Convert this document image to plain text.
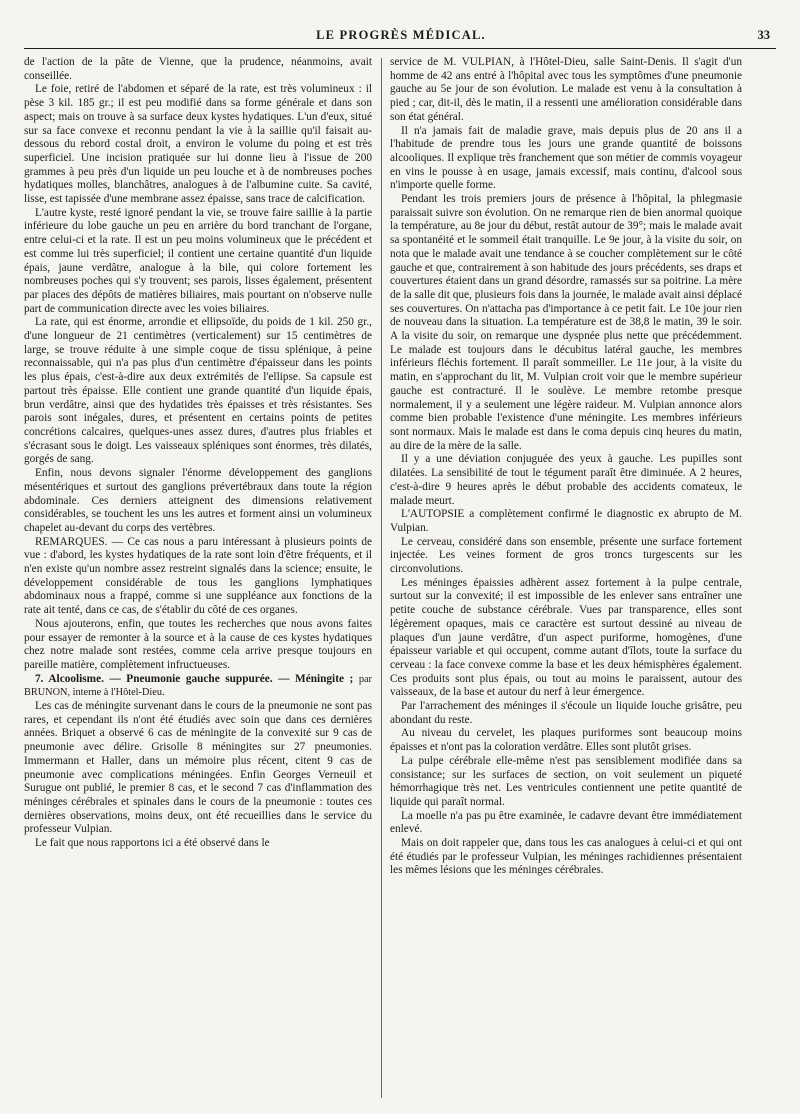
LE PROGRÈS MÉDICAL.	33

de l'action de la pâte de Vienne, que la prudence, néanmoins, avait conseillée.

Le foie, retiré de l'abdomen et séparé de la rate, est très volumineux : il pèse 3 kil. 185 gr.; il est peu modifié dans sa forme générale et dans son aspect; mais on trouve à sa surface deux kystes hydatiques. L'un d'eux, situé sur sa face convexe et reconnu pendant la vie à la saillie qu'il faisait au-dessous du rebord costal droit, a environ le volume du poing et est très superficiel. Une incision pratiquée sur lui donne lieu à l'issue de 200 grammes à peu près d'un liquide un peu louche et à de nombreuses poches hydatiques molles, blanchâtres, analogues à de l'albumine cuite. Sa cavité, lisse, est tapissée d'une membrane assez épaisse, sans trace de calcification.

L'autre kyste, resté ignoré pendant la vie, se trouve faire saillie à la partie inférieure du lobe gauche un peu en arrière du bord tranchant de l'organe, entre celui-ci et la rate. Il est un peu moins volumineux que le précédent et est comme lui très superficiel; il contient une certaine quantité d'un liquide épais, jaune verdâtre, analogue à la bile, qui colore fortement les nombreuses poches qui s'y trouvent; ses parois, lisses également, présentent par places des dépôts de matières biliaires, mais pourtant on n'observe nulle part de communication directe avec les voies biliaires.

La rate, qui est énorme, arrondie et ellipsoïde, du poids de 1 kil. 250 gr., d'une longueur de 21 centimètres (verticalement) sur 15 centimètres de large, se trouve réduite à une simple coque de tissu splénique, à peine reconnaissable, qui n'a pas plus d'un centimètre d'épaisseur dans les points les plus épais, c'est-à-dire aux deux extrémités de l'ellipse. Sa capsule est partout très épaisse. Elle contient une grande quantité d'un liquide épais, brun verdâtre, ainsi que des hydatides très épaisses et très résistantes. Ses parois sont inégales, dures, et présentent en certains points de petites concrétions calcaires, quelques-unes assez dures, d'autres plus friables et s'écrasant sous le doigt. Les vaisseaux spléniques sont énormes, très dilatés, gorgés de sang.

Enfin, nous devons signaler l'énorme développement des ganglions mésentériques et surtout des ganglions prévertébraux dans toute la région abdominale. Ces derniers atteignent des dimensions relativement considérables, se touchent les uns les autres et forment ainsi un volumineux chapelet au-devant du corps des vertèbres.

REMARQUES. — Ce cas nous a paru intéressant à plusieurs points de vue : d'abord, les kystes hydatiques de la rate sont loin d'être fréquents, et il n'en existe qu'un nombre assez restreint signalés dans la science; ensuite, le développement considérable de tous les ganglions lymphatiques abdominaux nous a frappé, comme si une suppléance aux fonctions de la rate ait tenté, dans ce cas, de s'établir du côté de ces organes.

Nous ajouterons, enfin, que toutes les recherches que nous avons faites pour essayer de remonter à la source et à la cause de ces kystes hydatiques chez notre malade sont restées, comme cela arrive presque toujours en pareille matière, complètement infructueuses.

7. Alcoolisme. — Pneumonie gauche suppurée. — Méningite ; par BRUNON, interne à l'Hôtel-Dieu.

Les cas de méningite survenant dans le cours de la pneumonie ne sont pas rares, et cependant ils n'ont été étudiés avec soin que dans ces dernières années. Briquet a observé 6 cas de méningite de la convexité sur 9 cas de pneumonie avec délire. Grisolle 8 méningites sur 27 pneumonies. Immermann et Haller, dans un mémoire plus récent, citent 9 cas de pneumonie avec complications méningées. Enfin Georges Verneuil et Surugue ont publié, le premier 8 cas, et le second 7 cas d'inflammation des méninges cérébrales et spinales dans le cours de la pneumonie : toutes ces dernières observations, moins deux, ont été recueillies dans le service du professeur Vulpian.

Le fait que nous rapportons ici a été observé dans le

service de M. VULPIAN, à l'Hôtel-Dieu, salle Saint-Denis. Il s'agit d'un homme de 42 ans entré à l'hôpital avec tous les symptômes d'une pneumonie gauche au 5e jour de son évolution. Le malade est venu à la consultation à pied ; car, dit-il, dès le matin, il a ressenti une amélioration considérable dans son état général.

Il n'a jamais fait de maladie grave, mais depuis plus de 20 ans il a l'habitude de prendre tous les jours une grande quantité de boissons alcooliques. Il explique très franchement que son métier de commis voyageur en vins le pousse à en usage, jamais excessif, mais continu, d'alcool sous n'importe quelle forme.

Pendant les trois premiers jours de présence à l'hôpital, la phlegmasie paraissait suivre son évolution. On ne remarque rien de bien anormal quoique la température, au 8e jour du début, restât autour de 39°; mais le malade avait sa spontanéité et le sommeil était tranquille. Le 9e jour, à la visite du soir, on nota que le malade avait une tendance à se coucher complètement sur le côté gauche et que, contrairement à son habitude des jours précédents, ses draps et couvertures étaient dans un grand désordre, ramassés sur sa poitrine. La mère de la salle dit que, plusieurs fois dans la journée, le malade avait ainsi déplacé ses couvertures. On n'attacha pas d'importance à ce petit fait. Le 10e jour rien de nouveau dans la situation. La température est de 38,8 le matin, 39 le soir. A la visite du soir, on remarque une dyspnée plus nette que précédemment. Le malade est toujours dans le décubitus latéral gauche, les membres inférieurs fléchis fortement. Il paraît sommeiller. Le 11e jour, à la visite du matin, en s'approchant du lit, M. Vulpian croit voir que le membre supérieur gauche est contracturé. Il le soulève. Le membre retombe presque normalement, il y a seulement une légère raideur. M. Vulpian annonce alors comme bien probable l'existence d'une méningite. Les membres inférieurs sont normaux. Mais le malade est dans le coma depuis cinq heures du matin, au dire de la mère de la salle.

Il y a une déviation conjuguée des yeux à gauche. Les pupilles sont dilatées. La sensibilité de tout le tégument paraît être diminuée. A 2 heures, c'est-à-dire 9 heures après le début probable des accidents comateux, le malade meurt.

L'AUTOPSIE a complètement confirmé le diagnostic ex abrupto de M. Vulpian.

Le cerveau, considéré dans son ensemble, présente une surface fortement injectée. Les veines forment de gros troncs turgescents sur les circonvolutions.

Les méninges épaissies adhèrent assez fortement à la pulpe centrale, surtout sur la convexité; il est impossible de les enlever sans entraîner une petite couche de substance cérébrale. Vues par transparence, elles sont légèrement opaques, mais ce caractère est surtout dessiné au niveau de plaques d'un jaune verdâtre, d'un aspect puriforme, homogènes, d'une épaisseur variable et qui occupent, comme autant d'îlots, toute la surface du cerveau : la face convexe comme la base et les deux hémisphères également. Ces produits sont plus épais, ou tout au moins le paraissent, autour des vaisseaux, de la base et autour du nerf à leur émergence.

Par l'arrachement des méninges il s'écoule un liquide louche grisâtre, peu abondant du reste.

Au niveau du cervelet, les plaques puriformes sont beaucoup moins épaisses et n'ont pas la coloration verdâtre. Elles sont plutôt grises.

La pulpe cérébrale elle-même n'est pas sensiblement modifiée dans sa consistance; sur les surfaces de section, on voit seulement un piqueté hémorrhagique très net. Les ventricules contiennent une petite quantité de liquide qui paraît normal.

La moelle n'a pas pu être examinée, le cadavre devant être immédiatement enlevé.

Mais on doit rappeler que, dans tous les cas analogues à celui-ci et qui ont été étudiés par le professeur Vulpian, les méninges rachidiennes présentaient les mêmes lésions que les méninges cérébrales.
